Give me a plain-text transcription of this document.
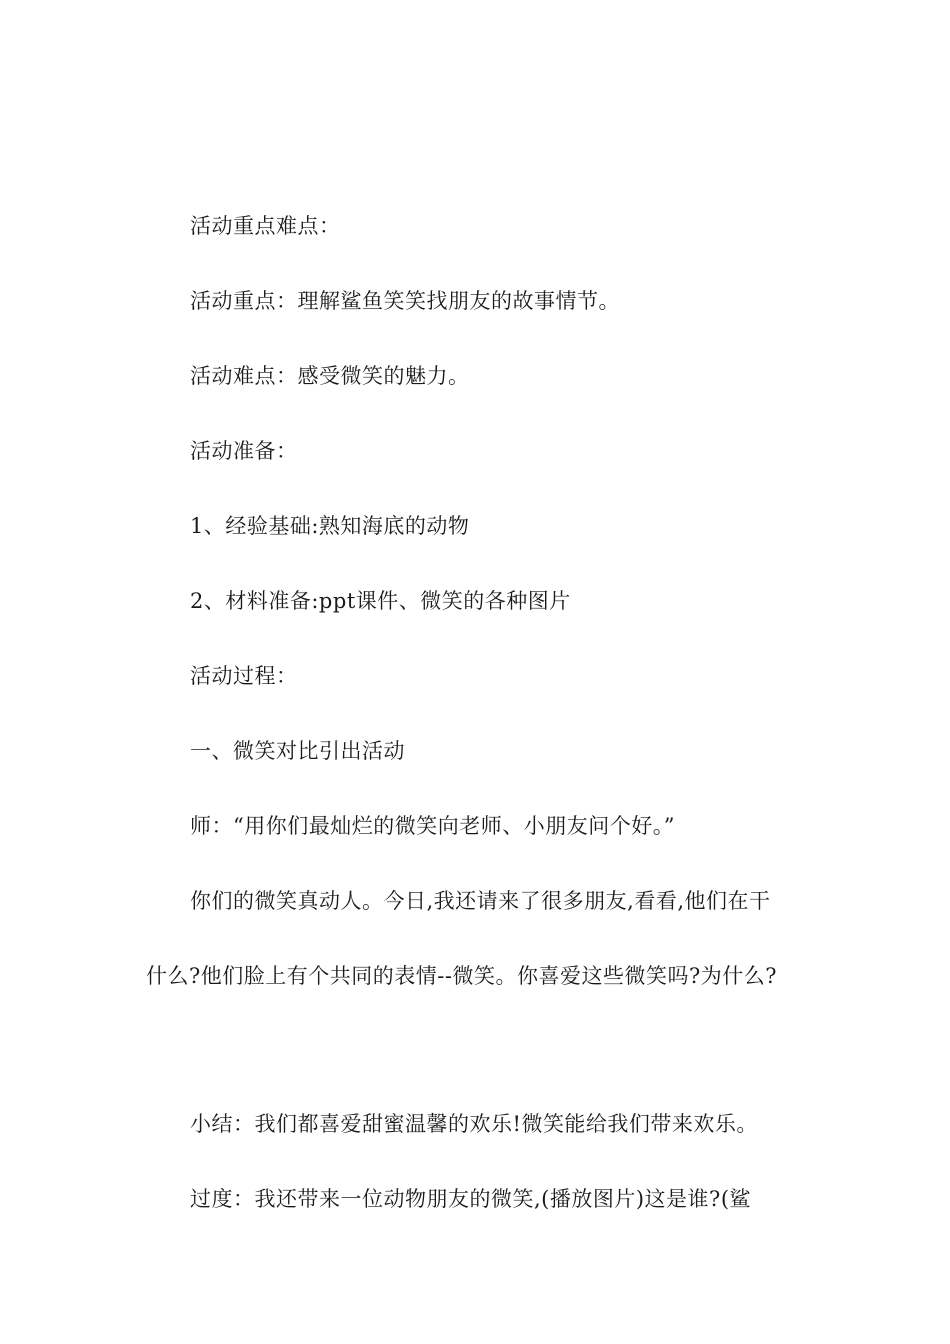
活动重点难点：
活动重点：理解鲨鱼笑笑找朋友的故事情节。
活动难点：感受微笑的魅力。
活动准备：
1、经验基础:熟知海底的动物
2、材料准备:ppt课件、微笑的各种图片
活动过程：
一、微笑对比引出活动
师：“用你们最灿烂的微笑向老师、小朋友问个好。”
你们的微笑真动人。今日,我还请来了很多朋友,看看,他们在干
什么?他们脸上有个共同的表情--微笑。你喜爱这些微笑吗?为什么?
小结：我们都喜爱甜蜜温馨的欢乐!微笑能给我们带来欢乐。
过度：我还带来一位动物朋友的微笑,(播放图片)这是谁?(鲨
